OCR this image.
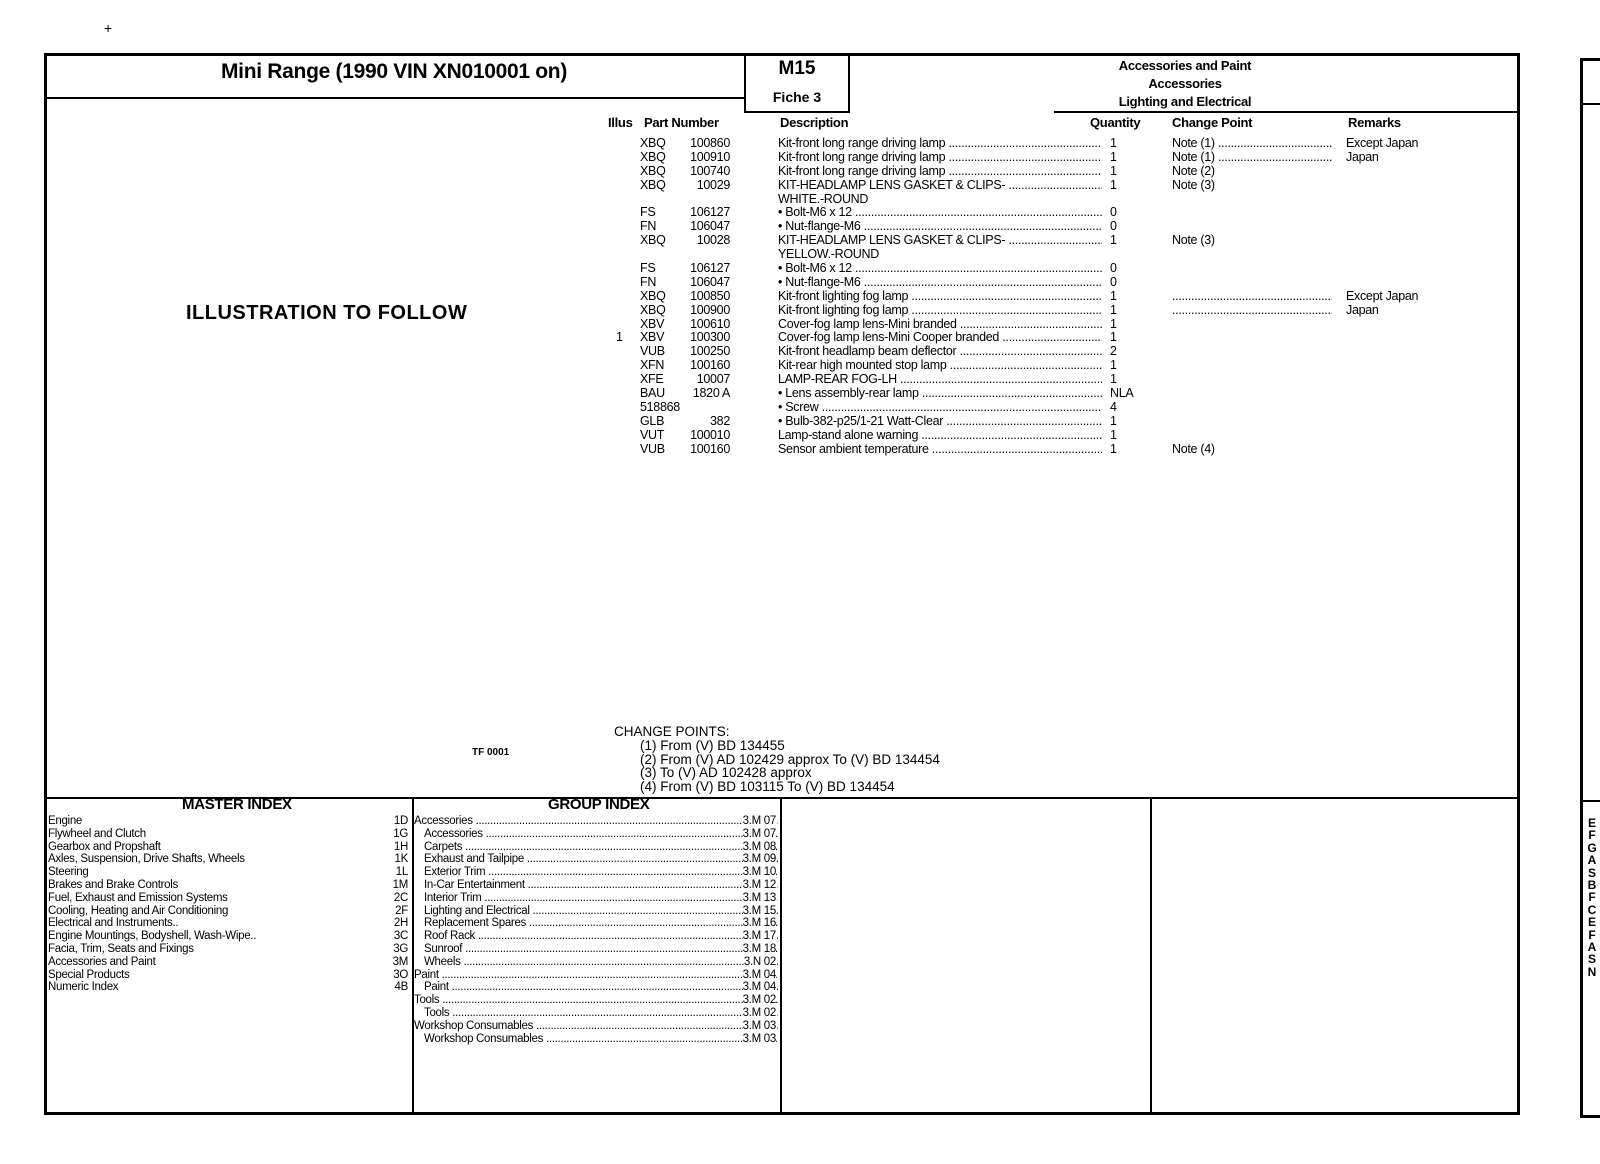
+
Mini Range (1990 VIN XN010001 on)	M15
Fiche 3
Accessories and Paint
Accessories
Lighting and Electrical
ILLUSTRATION TO FOLLOW
Illus Part Number	Description	Quantity Change Point	Remarks
XBQ	100860	Kit-front long range driving lamp .....	1	Note (1) .....	Except Japan
XBQ	100910	Kit-front long range driving lamp .....	1	Note (1) .....	Japan
XBQ	100740	Kit-front long range driving lamp .....	1	Note (2)
XBQ	10029	KIT-HEADLAMP LENS GASKET & CLIPS- .....	1	Note (3)
WHITE.-ROUND
FS	106127	• Bolt-M6 x 12 .....	0
FN	106047	• Nut-flange-M6 .....	0
XBQ	10028	KIT-HEADLAMP LENS GASKET & CLIPS- .....	1	Note (3)
YELLOW.-ROUND
FS	106127	• Bolt-M6 x 12 .....	0
FN	106047	• Nut-flange-M6 .....	0
XBQ	100850	Kit-front lighting fog lamp .....	1 .....	Except Japan
XBQ	100900	Kit-front lighting fog lamp .....	1 .....	Japan
XBV	100610	Cover-fog lamp lens-Mini branded .....	1
1 XBV	100300	Cover-fog lamp lens-Mini Cooper branded .....	1
VUB	100250	Kit-front headlamp beam deflector .....	2
XFN	100160	Kit-rear high mounted stop lamp .....	1
XFE	10007	LAMP-REAR FOG-LH .....	1
BAU	1820 A	• Lens assembly-rear lamp .....	NLA
518868	• Screw .....	4
GLB	382	• Bulb-382-p25/1-21 Watt-Clear .....	1
VUT	100010	Lamp-stand alone warning .....	1
VUB	100160	Sensor ambient temperature .....	1	Note (4)
CHANGE POINTS:
(1) From (V) BD 134455
(2) From (V) AD 102429 approx To (V) BD 134454
(3) To (V) AD 102428 approx
(4) From (V) BD 103115 To (V) BD 134454
TF 0001
MASTER INDEX	GROUP INDEX
Engine	1D
Flywheel and Clutch	1G
Gearbox and Propshaft	1H
Axles, Suspension, Drive Shafts, Wheels	1K
Steering	1L
Brakes and Brake Controls	1M
Fuel, Exhaust and Emission Systems	2C
Cooling, Heating and Air Conditioning	2F
Electrical and Instruments..	2H
Engine Mountings, Bodyshell, Wash-Wipe..	3C
Facia, Trim, Seats and Fixings	3G
Accessories and Paint	3M
Special Products	3O
Numeric Index	4B
Accessories .....	3.M 07
Accessories .....	3.M 07
Carpets .....	3.M 08
Exhaust and Tailpipe .....	3.M 09
Exterior Trim .....	3.M 10
In-Car Entertainment .....	3.M 12
Interior Trim .....	3.M 13
Lighting and Electrical .....	3.M 15
Replacement Spares .....	3.M 16
Roof Rack .....	3.M 17
Sunroof .....	3.M 18
Wheels .....	3.N 02
Paint .....	3.M 04
Paint .....	3.M 04
Tools .....	3.M 02
Tools .....	3.M 02
Workshop Consumables .....	3.M 03
Workshop Consumables .....	3.M 03
E
F
G
A
S
B
F
C
E
F
A
S
N
